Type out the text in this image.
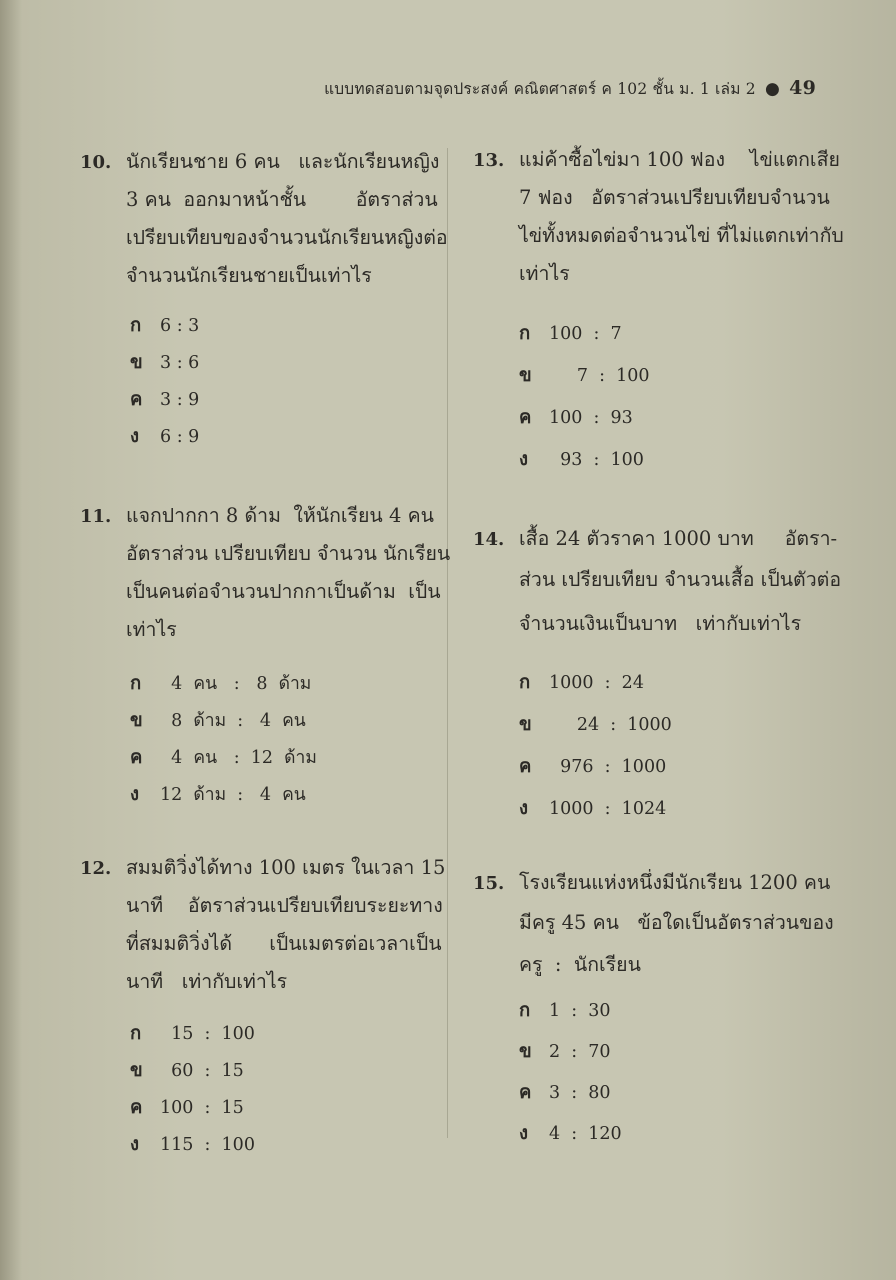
แบบทดสอบตามจุดประสงค์ คณิตศาสตร์ ค 102 ชั้น ม. 1 เล่ม 2 ● 49
10. นักเรียนชาย 6 คน   และนักเรียนหญิง
3 คน  ออกมาหน้าชั้น        อัตราส่วน
เปรียบเทียบของจำนวนนักเรียนหญิงต่อ
จำนวนนักเรียนชายเป็นเท่าไร
ก 6 : 3
ข 3 : 6
ค 3 : 9
ง 6 : 9
11. แจกปากกา 8 ด้าม  ให้นักเรียน 4 คน
อัตราส่วน เปรียบเทียบ จำนวน นักเรียน
เป็นคนต่อจำนวนปากกาเป็นด้าม  เป็น
เท่าไร
ก  4  คน   :   8  ด้าม
ข  8  ด้าม  :   4  คน
ค  4  คน   :  12  ด้าม
ง 12  ด้าม  :   4  คน
12. สมมติวิ่งได้ทาง 100 เมตร ในเวลา 15
นาที    อัตราส่วนเปรียบเทียบระยะทาง
ที่สมมติวิ่งได้      เป็นเมตรต่อเวลาเป็น
นาที   เท่ากับเท่าไร
ก  15  :  100
ข  60  :  15
ค 100  :  15
ง 115  :  100
13. แม่ค้าซื้อไข่มา 100 ฟอง    ไข่แตกเสีย
7 ฟอง   อัตราส่วนเปรียบเทียบจำนวน
ไข่ทั้งหมดต่อจำนวนไข่ ที่ไม่แตกเท่ากับ
เท่าไร
ก 100  :  7
ข     7  :  100
ค 100  :  93
ง  93  :  100
14. เสื้อ 24 ตัวราคา 1000 บาท     อัตรา-
ส่วน เปรียบเทียบ จำนวนเสื้อ เป็นตัวต่อ
จำนวนเงินเป็นบาท   เท่ากับเท่าไร
ก 1000  :  24
ข     24  :  1000
ค  976  :  1000
ง 1000  :  1024
15. โรงเรียนแห่งหนึ่งมีนักเรียน 1200 คน
มีครู 45 คน   ข้อใดเป็นอัตราส่วนของ
ครู  :  นักเรียน
ก 1  :  30
ข 2  :  70
ค 3  :  80
ง 4  :  120
